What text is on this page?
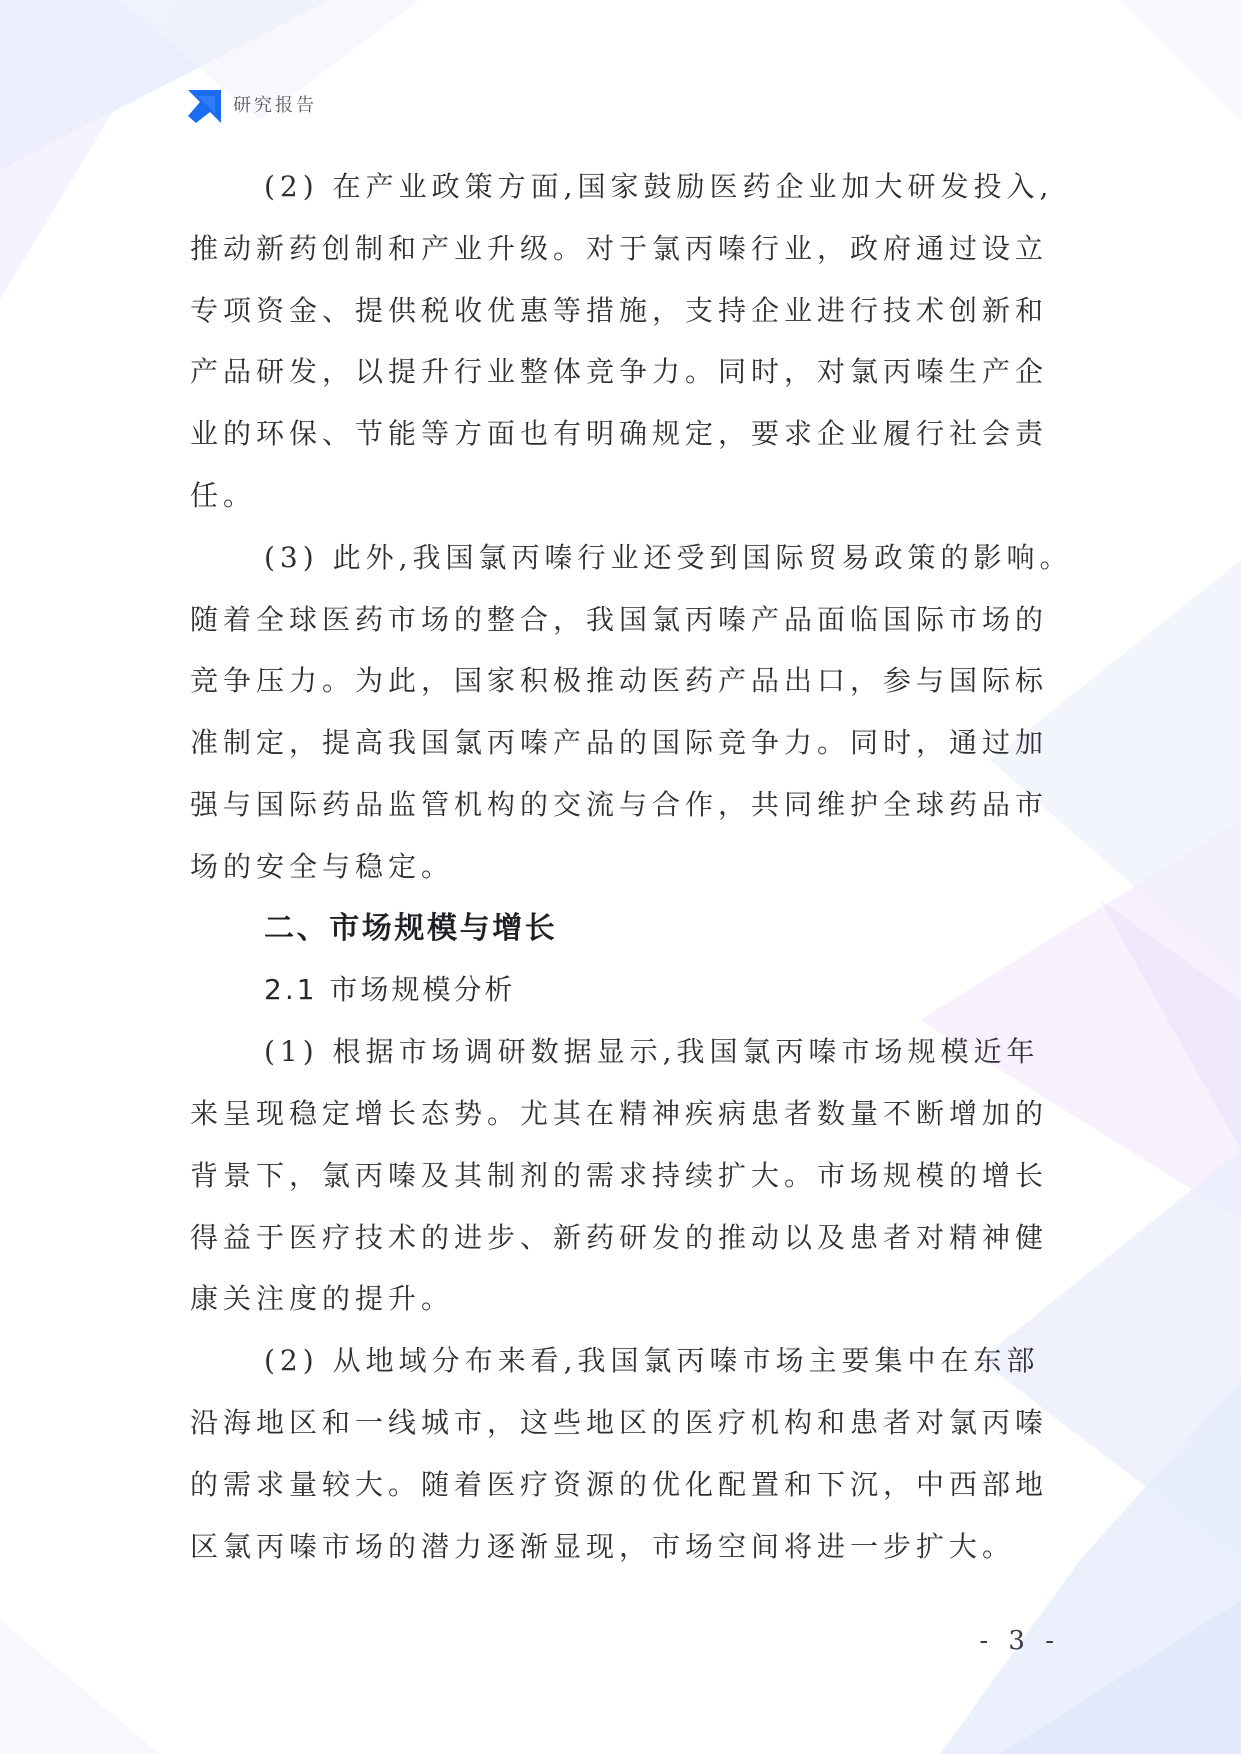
研究报告
(2) 在产业政策方面,国家鼓励医药企业加大研发投入,
推动新药创制和产业升级。对于氯丙嗪行业，政府通过设立
专项资金、提供税收优惠等措施，支持企业进行技术创新和
产品研发，以提升行业整体竞争力。同时，对氯丙嗪生产企
业的环保、节能等方面也有明确规定，要求企业履行社会责
任。
(3) 此外,我国氯丙嗪行业还受到国际贸易政策的影响。
随着全球医药市场的整合，我国氯丙嗪产品面临国际市场的
竞争压力。为此，国家积极推动医药产品出口，参与国际标
准制定，提高我国氯丙嗪产品的国际竞争力。同时，通过加
强与国际药品监管机构的交流与合作，共同维护全球药品市
场的安全与稳定。
二、市场规模与增长
2.1 市场规模分析
(1) 根据市场调研数据显示,我国氯丙嗪市场规模近年
来呈现稳定增长态势。尤其在精神疾病患者数量不断增加的
背景下，氯丙嗪及其制剂的需求持续扩大。市场规模的增长
得益于医疗技术的进步、新药研发的推动以及患者对精神健
康关注度的提升。
(2) 从地域分布来看,我国氯丙嗪市场主要集中在东部
沿海地区和一线城市，这些地区的医疗机构和患者对氯丙嗪
的需求量较大。随着医疗资源的优化配置和下沉，中西部地
区氯丙嗪市场的潜力逐渐显现，市场空间将进一步扩大。
- 3 -
